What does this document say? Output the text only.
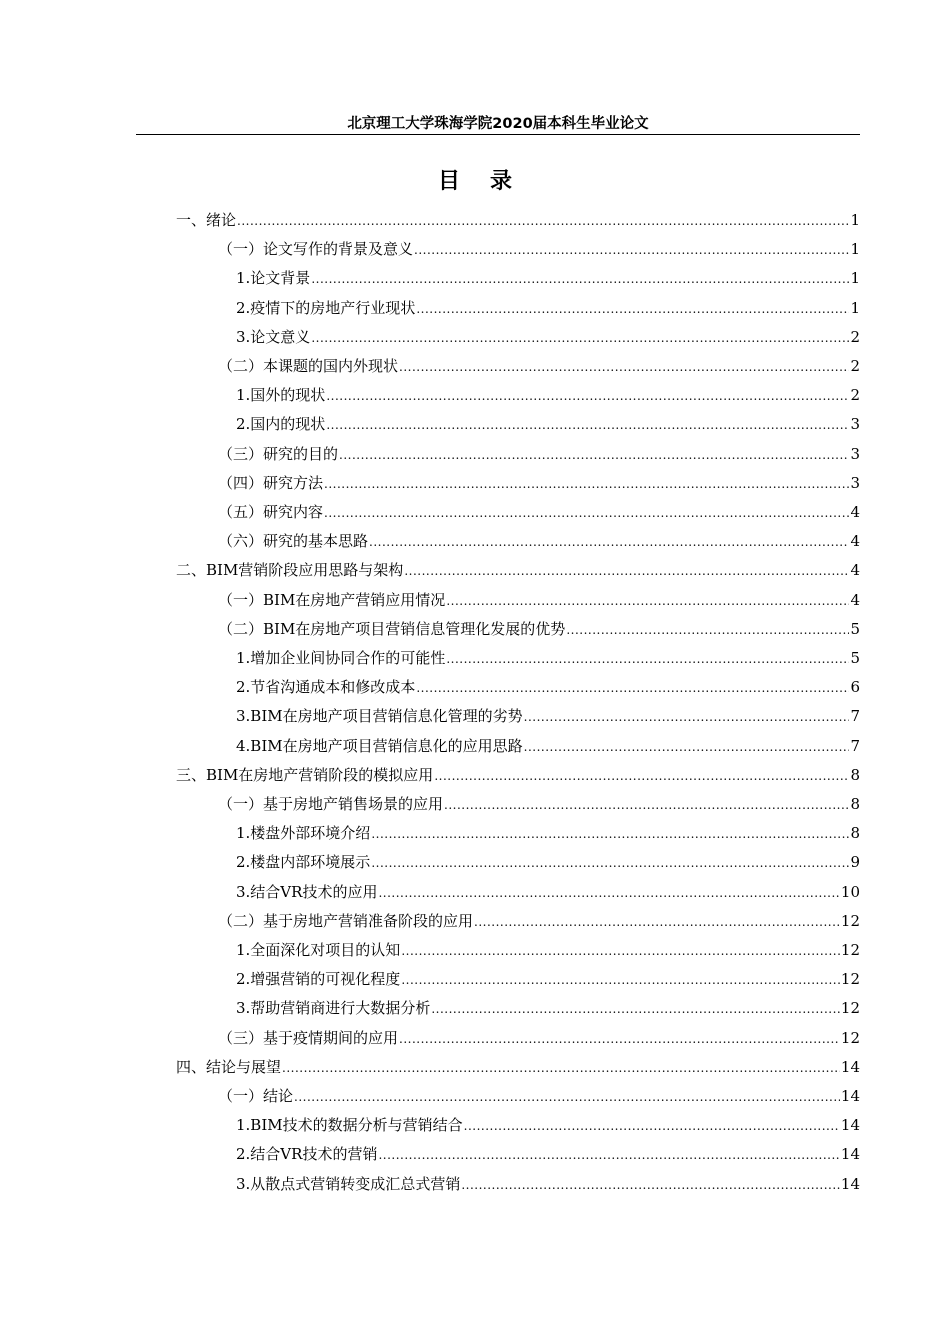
北京理工大学珠海学院2020届本科生毕业论文
目录
一、绪论 .....	1
（一）论文写作的背景及意义 .....	1
1.论文背景 .....	1
2.疫情下的房地产行业现状 .....	1
3.论文意义 .....	2
（二）本课题的国内外现状 .....	2
1.国外的现状 .....	2
2.国内的现状 .....	3
（三）研究的目的 .....	3
（四）研究方法 .....	3
（五）研究内容 .....	4
（六）研究的基本思路 .....	4
二、BIM营销阶段应用思路与架构 .....	4
（一）BIM在房地产营销应用情况 .....	4
（二）BIM在房地产项目营销信息管理化发展的优势 .....	5
1.增加企业间协同合作的可能性 .....	5
2.节省沟通成本和修改成本 .....	6
3.BIM在房地产项目营销信息化管理的劣势 .....	7
4.BIM在房地产项目营销信息化的应用思路 .....	7
三、BIM在房地产营销阶段的模拟应用 .....	8
（一）基于房地产销售场景的应用 .....	8
1.楼盘外部环境介绍 .....	8
2.楼盘内部环境展示 .....	9
3.结合VR技术的应用 .....	10
（二）基于房地产营销准备阶段的应用 .....	12
1.全面深化对项目的认知 .....	12
2.增强营销的可视化程度 .....	12
3.帮助营销商进行大数据分析 .....	12
（三）基于疫情期间的应用 .....	12
四、结论与展望 .....	14
（一）结论 .....	14
1.BIM技术的数据分析与营销结合 .....	14
2.结合VR技术的营销 .....	14
3.从散点式营销转变成汇总式营销 .....	14
